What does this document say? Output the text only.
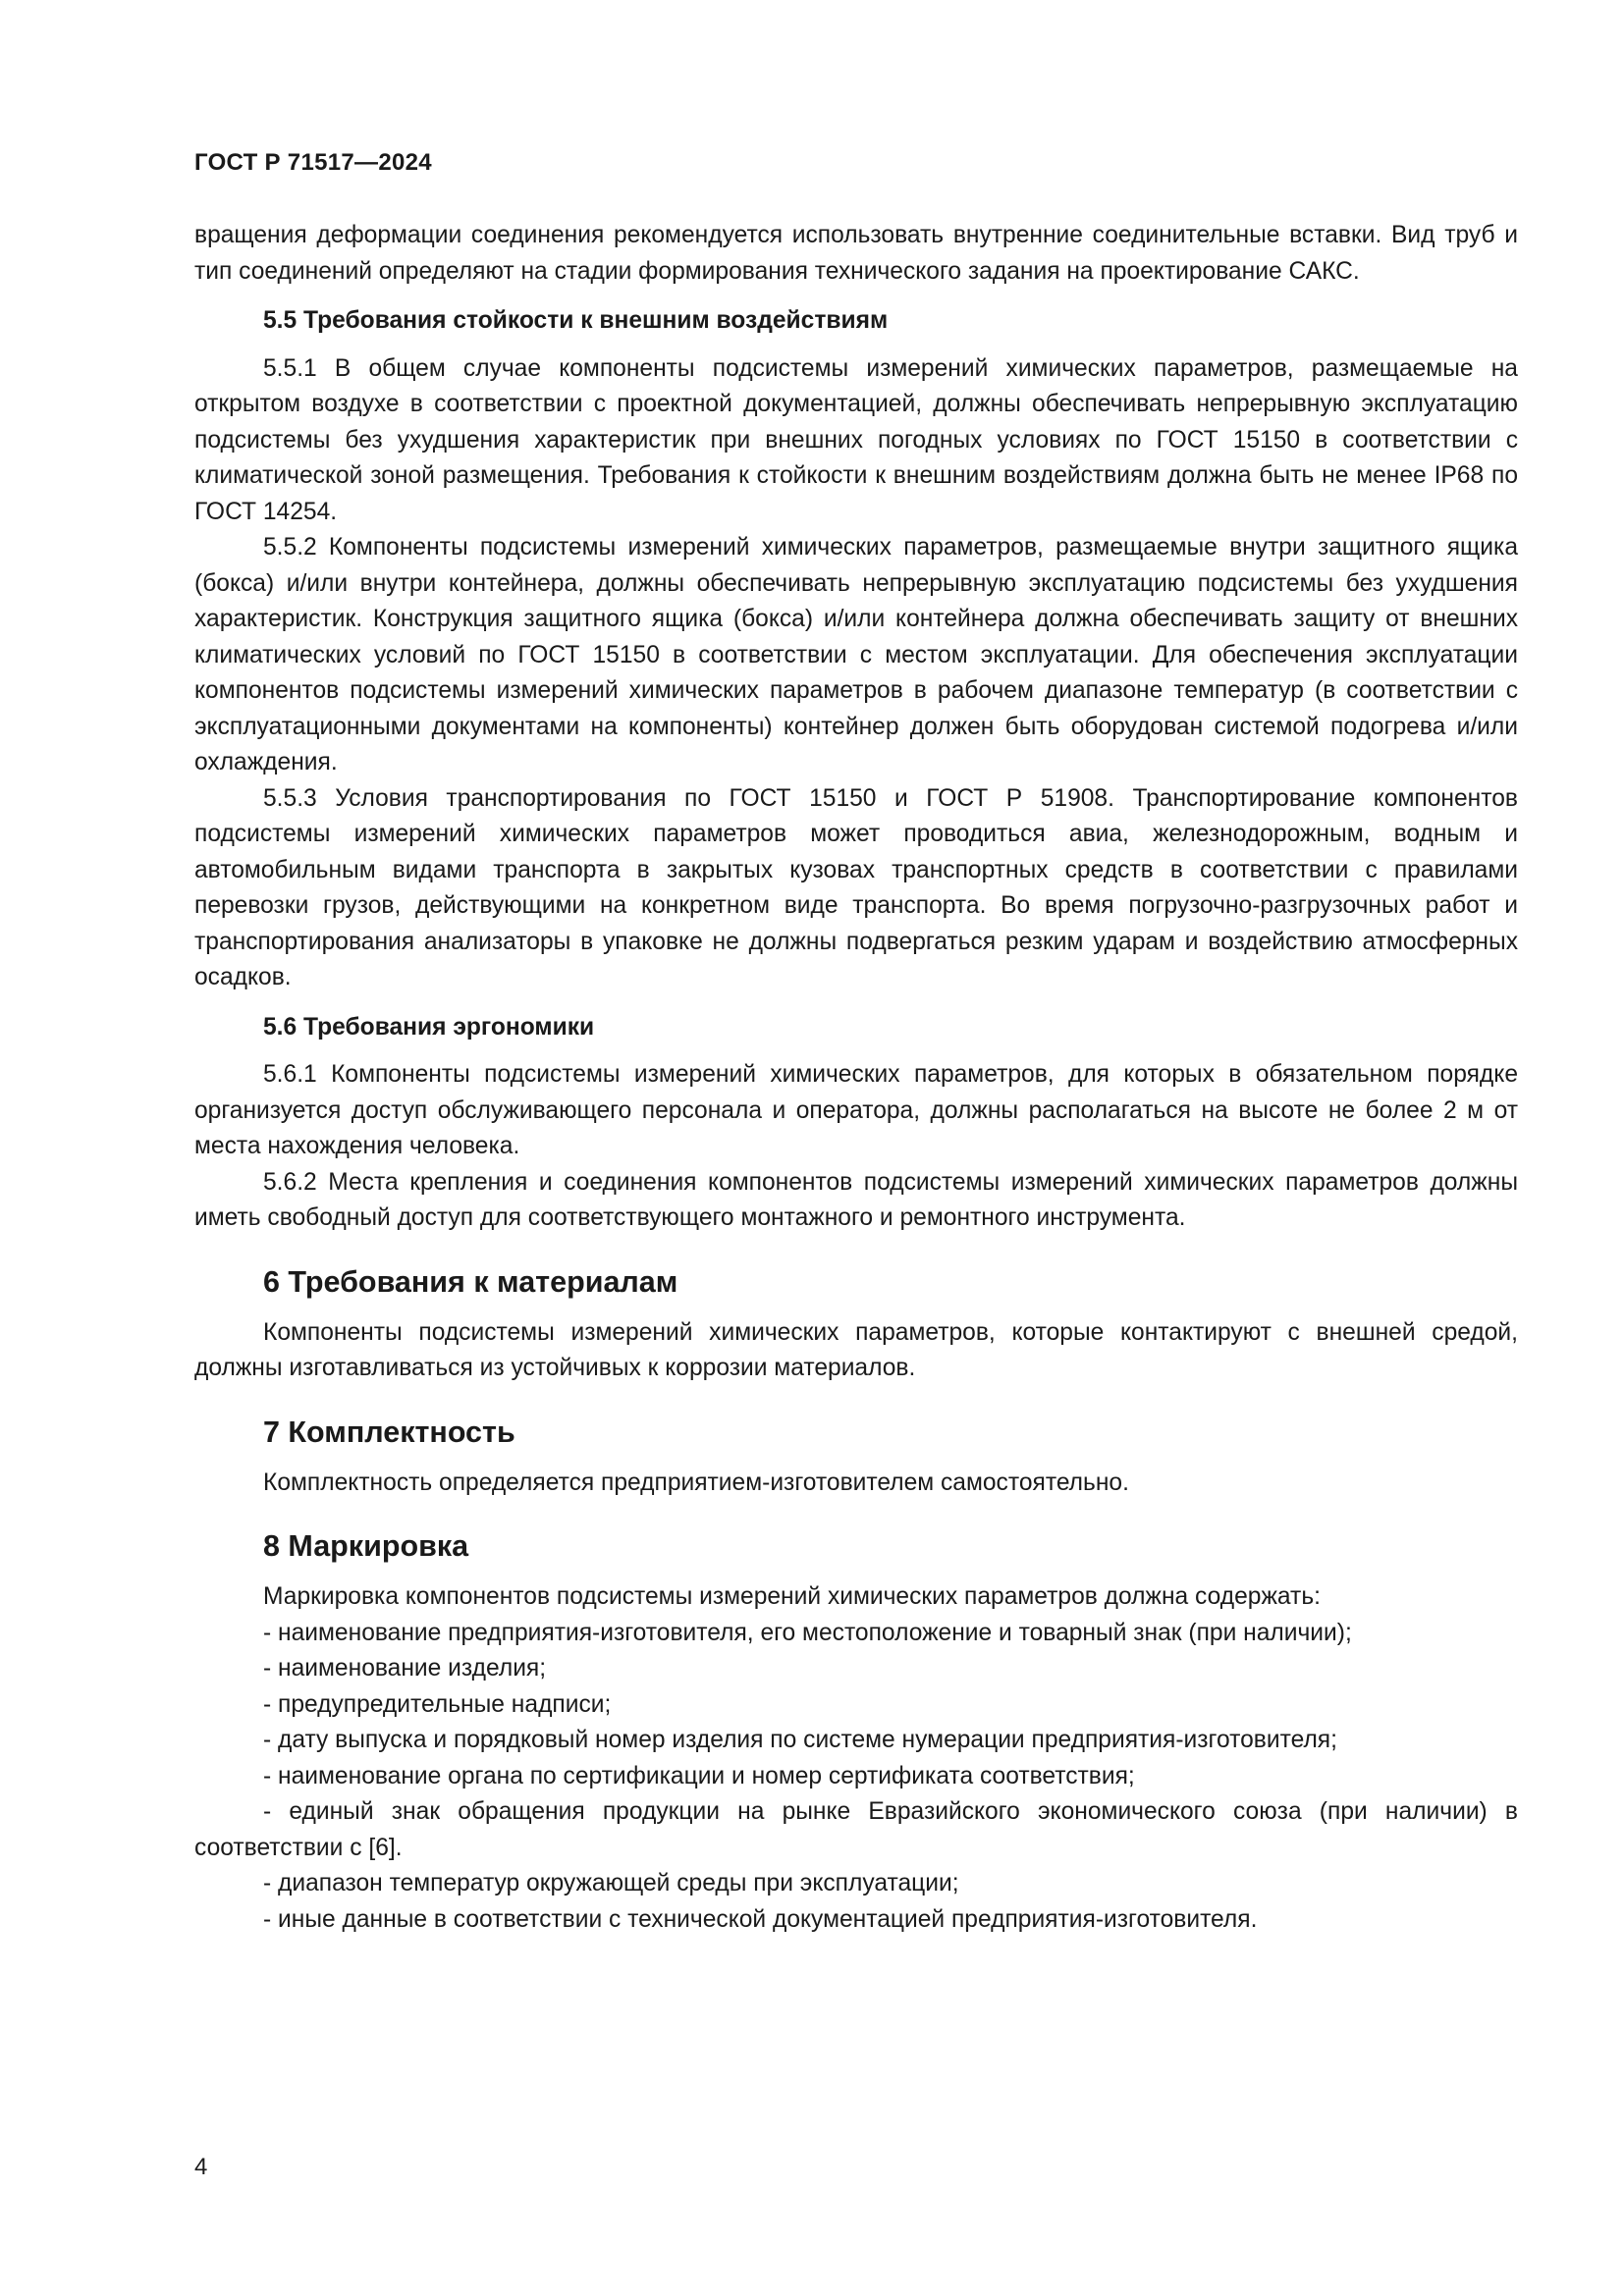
ГОСТ Р 71517—2024

вращения деформации соединения рекомендуется использовать внутренние соединительные вставки. Вид труб и тип соединений определяют на стадии формирования технического задания на проектирование САКС.

5.5 Требования стойкости к внешним воздействиям

5.5.1 В общем случае компоненты подсистемы измерений химических параметров, размещаемые на открытом воздухе в соответствии с проектной документацией, должны обеспечивать непрерывную эксплуатацию подсистемы без ухудшения характеристик при внешних погодных условиях по ГОСТ 15150 в соответствии с климатической зоной размещения. Требования к стойкости к внешним воздействиям должна быть не менее IP68 по ГОСТ 14254.

5.5.2 Компоненты подсистемы измерений химических параметров, размещаемые внутри защитного ящика (бокса) и/или внутри контейнера, должны обеспечивать непрерывную эксплуатацию подсистемы без ухудшения характеристик. Конструкция защитного ящика (бокса) и/или контейнера должна обеспечивать защиту от внешних климатических условий по ГОСТ 15150 в соответствии с местом эксплуатации. Для обеспечения эксплуатации компонентов подсистемы измерений химических параметров в рабочем диапазоне температур (в соответствии с эксплуатационными документами на компоненты) контейнер должен быть оборудован системой подогрева и/или охлаждения.

5.5.3 Условия транспортирования по ГОСТ 15150 и ГОСТ Р 51908. Транспортирование компонентов подсистемы измерений химических параметров может проводиться авиа, железнодорожным, водным и автомобильным видами транспорта в закрытых кузовах транспортных средств в соответствии с правилами перевозки грузов, действующими на конкретном виде транспорта. Во время погрузочно-разгрузочных работ и транспортирования анализаторы в упаковке не должны подвергаться резким ударам и воздействию атмосферных осадков.

5.6 Требования эргономики

5.6.1 Компоненты подсистемы измерений химических параметров, для которых в обязательном порядке организуется доступ обслуживающего персонала и оператора, должны располагаться на высоте не более 2 м от места нахождения человека.

5.6.2 Места крепления и соединения компонентов подсистемы измерений химических параметров должны иметь свободный доступ для соответствующего монтажного и ремонтного инструмента.

6 Требования к материалам

Компоненты подсистемы измерений химических параметров, которые контактируют с внешней средой, должны изготавливаться из устойчивых к коррозии материалов.

7 Комплектность

Комплектность определяется предприятием-изготовителем самостоятельно.

8 Маркировка

Маркировка компонентов подсистемы измерений химических параметров должна содержать:

- наименование предприятия-изготовителя, его местоположение и товарный знак (при наличии);

- наименование изделия;

- предупредительные надписи;

- дату выпуска и порядковый номер изделия по системе нумерации предприятия-изготовителя;

- наименование органа по сертификации и номер сертификата соответствия;

- единый знак обращения продукции на рынке Евразийского экономического союза (при наличии) в соответствии с [6].

- диапазон температур окружающей среды при эксплуатации;

- иные данные в соответствии с технической документацией предприятия-изготовителя.

4
